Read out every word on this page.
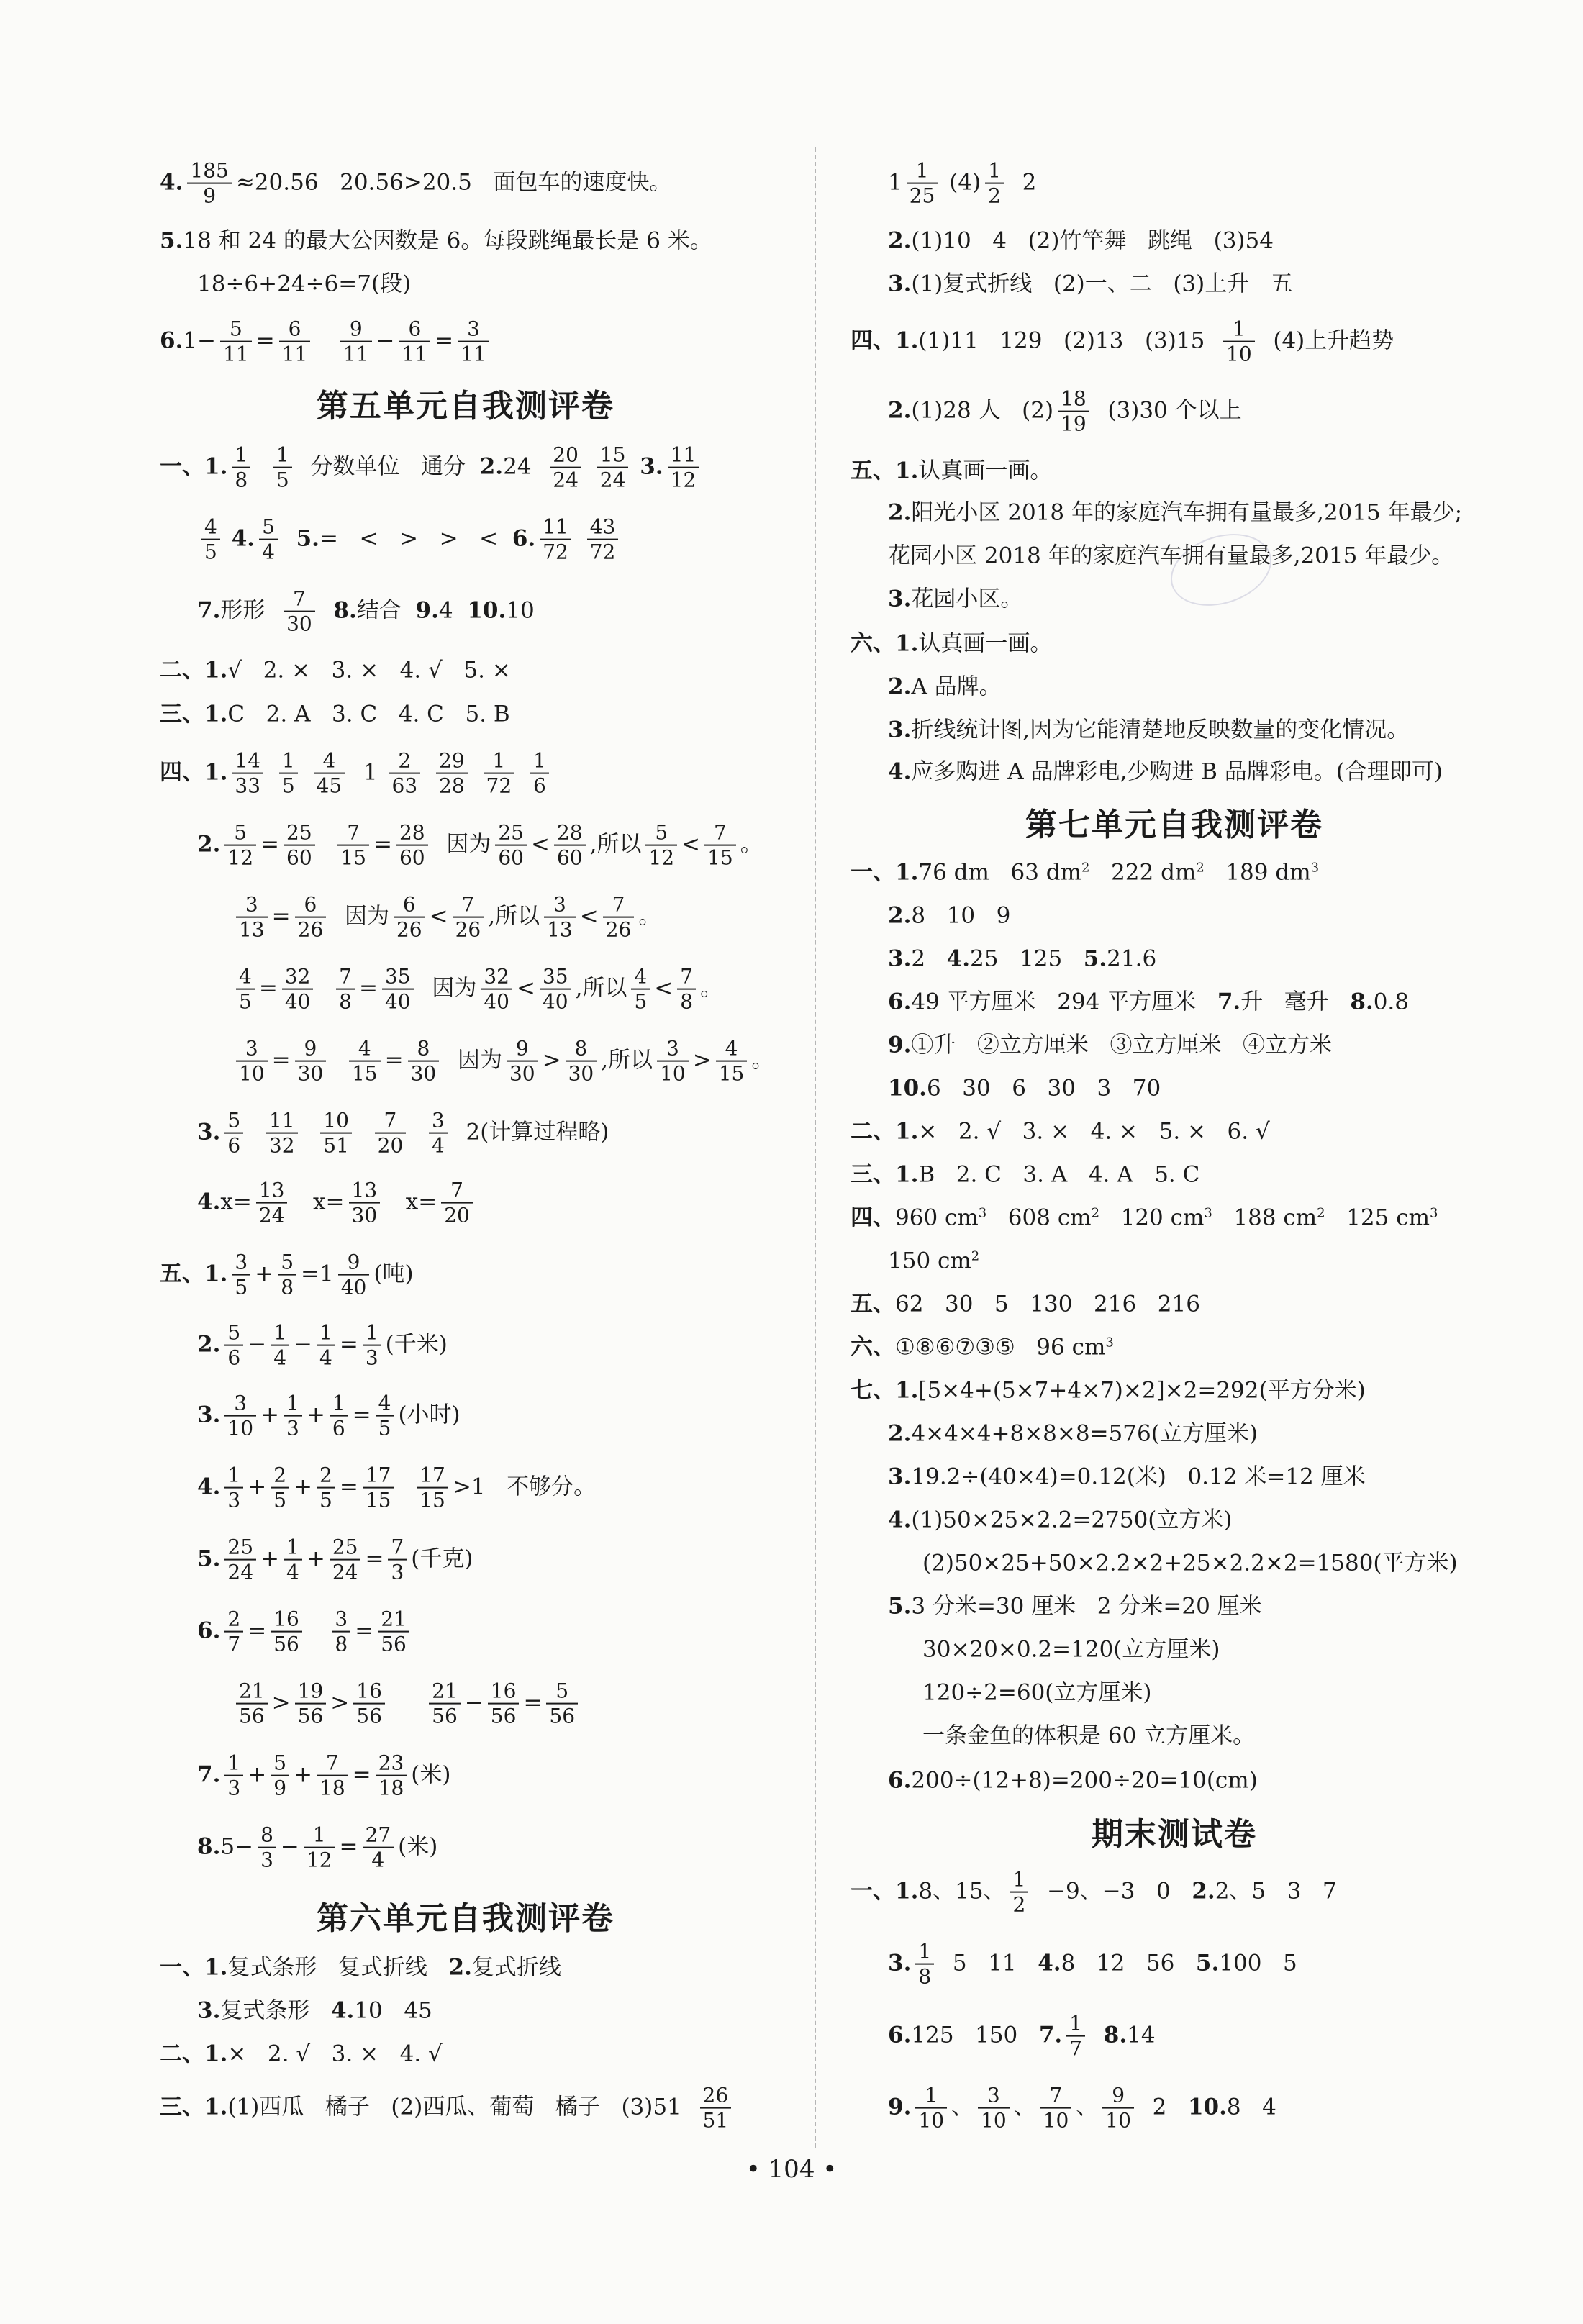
4. $\frac{185}{9} \approx 20.56$   20.56>20.5   面包车的速度快。
5.18 和 24 的最大公因数是 6。每段跳绳最长是 6 米。
18÷6+24÷6=7(段)
$6.1- \frac{5}{11} = \frac{6}{11}$
$\frac{9}{11} - \frac{6}{11} = \frac{3}{11}$
第五单元自我测评卷
一、1. $\frac{1}{8}$
$\frac{1}{5}$ 分数单位   通分  $2.24 \frac{20}{24}$
$\frac{15}{24} 3$. $\frac{11}{12}$
$\frac{4}{5} 4$. $\frac{5}{4} 5.=$   <   >   >   <  6. $\frac{11}{72}$
$\frac{43}{72}$
7.形形 $\frac{7}{30} 8$.结合  9.4  10.10
二、1.√   2. ×   3. ×   4. √   5. ×
三、1.C   2. A   3. C   4. C   5. B
四、1. $\frac{14}{33}$
$\frac{1}{5}$
$\frac{4}{45} 1 \frac{2}{63}$
$\frac{29}{28}$
$\frac{1}{72}$
$\frac{1}{6}$

2. $\frac{5}{12} = \frac{25}{60}$
$\frac{7}{15} = \frac{28}{60}$ 因为 $\frac{25}{60} < \frac{28}{60}$ ,所以 $\frac{5}{12} < \frac{7}{15}$ 。
$\frac{3}{13} = \frac{6}{26}$ 因为 $\frac{6}{26} < \frac{7}{26}$ ,所以 $\frac{3}{13} < \frac{7}{26}$ 。
$\frac{4}{5} = \frac{32}{40}$
$\frac{7}{8} = \frac{35}{40}$ 因为 $\frac{32}{40} < \frac{35}{40}$ ,所以 $\frac{4}{5} < \frac{7}{8}$ 。
$\frac{3}{10} = \frac{9}{30}$
$\frac{4}{15} = \frac{8}{30}$ 因为 $\frac{9}{30} > \frac{8}{30}$ ,所以 $\frac{3}{10} > \frac{4}{15}$ 。
3. $\frac{5}{6}$
$\frac{11}{32}$
$\frac{10}{51}$
$\frac{7}{20}$
$\frac{3}{4} 2$(计算过程略)
$4.x= \frac{13}{24} x= \frac{13}{30} x= \frac{7}{20}$
五、1. $\frac{3}{5} + \frac{5}{8} =1 \frac{9}{40}$ (吨)
2. $\frac{5}{6} - \frac{1}{4} - \frac{1}{4} = \frac{1}{3}$ (千米)
3. $\frac{3}{10} + \frac{1}{3} + \frac{1}{6} = \frac{4}{5}$ (小时)
4. $\frac{1}{3} + \frac{2}{5} + \frac{2}{5} = \frac{17}{15}$
$\frac{17}{15} >1$   不够分。
5. $\frac{25}{24} + \frac{1}{4} + \frac{25}{24} = \frac{7}{3}$ (千克)
6. $\frac{2}{7} = \frac{16}{56}$
$\frac{3}{8} = \frac{21}{56}$
$\frac{21}{56} > \frac{19}{56} > \frac{16}{56}$
$\frac{21}{56} - \frac{16}{56} = \frac{5}{56}$
7. $\frac{1}{3} + \frac{5}{9} + \frac{7}{18} = \frac{23}{18}$ (米)
$8.5- \frac{8}{3} - \frac{1}{12} = \frac{27}{4}$ (米)
第六单元自我测评卷
一、1.复式条形   复式折线   2.复式折线
3.复式条形   4.10   45
二、1.×   2. √   3. ×   4. √
三、1.(1)西瓜   橘子   (2)西瓜、葡萄   橘子   $(3)51 \frac{26}{51}$
$1 \frac{1}{25} (4) \frac{1}{2} 2$
2.(1)10   4   (2)竹竿舞   跳绳   (3)54
3.(1)复式折线   (2)一、二   (3)上升   五
四、1.(1)11   129   (2)13   $(3)15 \frac{1}{10} (4)$上升趋势
2.(1)28 人   $(2) \frac{18}{19} (3)30$ 个以上
五、1.认真画一画。
2.阳光小区 2018 年的家庭汽车拥有量最多,2015 年最少;
花园小区 2018 年的家庭汽车拥有量最多,2015 年最少。
3.花园小区。
六、1.认真画一画。
2.A 品牌。
3.折线统计图,因为它能清楚地反映数量的变化情况。
4.应多购进 A 品牌彩电,少购进 B 品牌彩电。(合理即可)
第七单元自我测评卷
一、1.76 dm   63 $dm^2$   222 $dm^2$   189 $dm^3$
2.8   10   9
3.2   4.25   125   5.21.6
6.49 平方厘米   294 平方厘米   7.升   毫升   8.0.8
9.①升   ②立方厘米   ③立方厘米   ④立方米
10.6   30   6   30   3   70
二、1.×   2. √   3. ×   4. ×   5. ×   6. √
三、1.B   2. C   3. A   4. A   5. C
四、960 $cm^3$   608 $cm^2$   120 $cm^3$   188 $cm^2$   125 $cm^3$
150 $cm^2$
五、62   30   5   130   216   216
六、①⑧⑥⑦③⑤   96 $cm^3$
七、1.[5×4+(5×7+4×7)×2]×2=292(平方分米)
2.4×4×4+8×8×8=576(立方厘米)
3.19.2÷(40×4)=0.12(米)   0.12 米=12 厘米
4.(1)50×25×2.2=2750(立方米)
(2)50×25+50×2.2×2+25×2.2×2=1580(平方米)
5.3 分米=30 厘米   2 分米=20 厘米
30×20×0.2=120(立方厘米)
120÷2=60(立方厘米)
一条金鱼的体积是 60 立方厘米。
6.200÷(12+8)=200÷20=10(cm)
期末测试卷
一、1.8、15、 $\frac{1}{2} -9$、−3   0   2.2、5   3   7
3. $\frac{1}{8} 5$   11   4.8   12   56   5.100   5
6.125   150   7. $\frac{1}{7} 8.14$
9. $\frac{1}{10}$ 、 $\frac{3}{10}$ 、 $\frac{7}{10}$ 、 $\frac{9}{10} 2$   10.8   4
• 104 •
